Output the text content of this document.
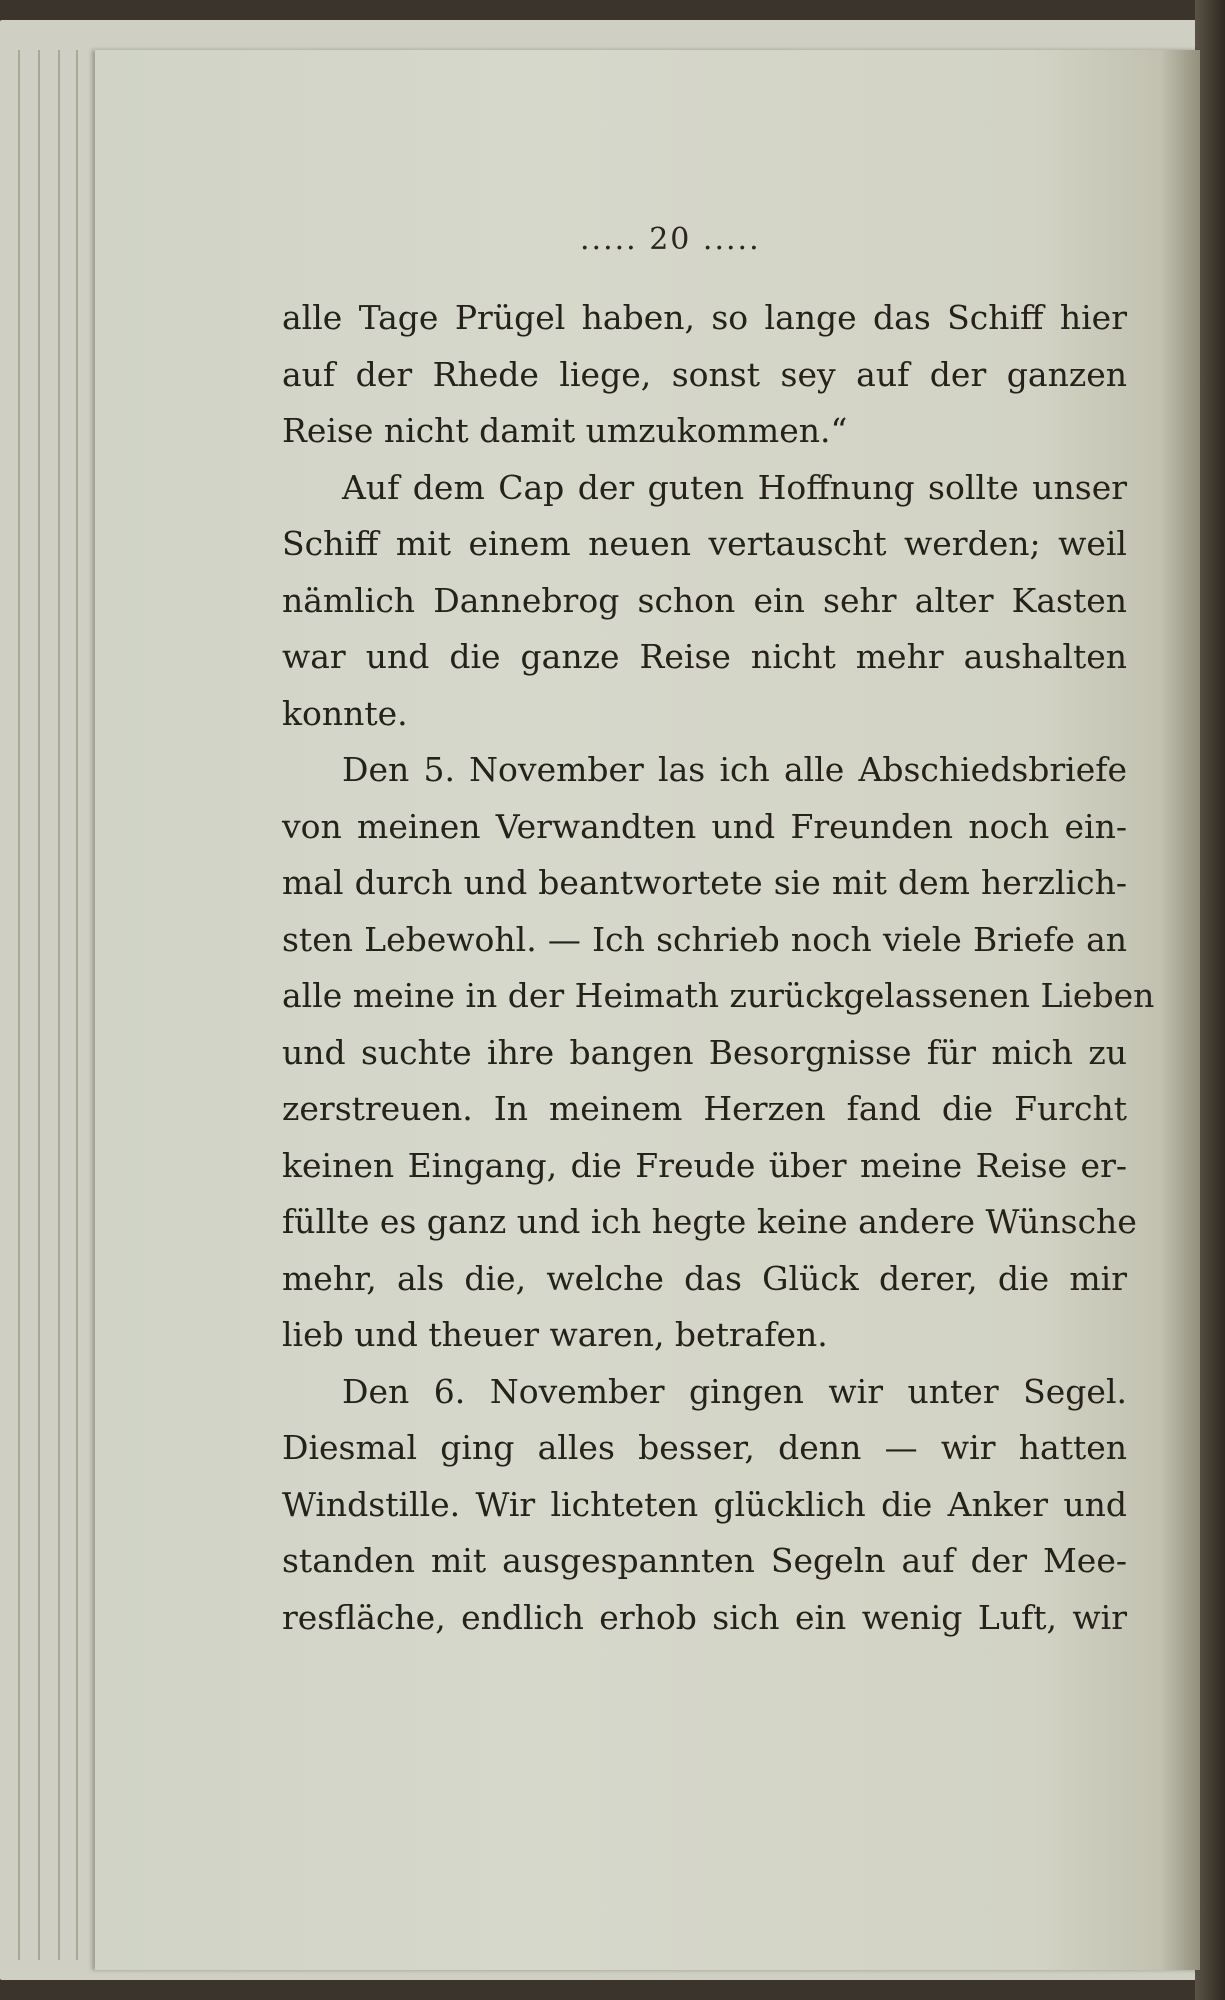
..... 20 .....
alle Tage Prügel haben, so lange das Schiff hier
auf der Rhede liege, sonst sey auf der ganzen
Reise nicht damit umzukommen.“
Auf dem Cap der guten Hoffnung sollte unser
Schiff mit einem neuen vertauscht werden; weil
nämlich Dannebrog schon ein sehr alter Kasten
war und die ganze Reise nicht mehr aushalten
konnte.
Den 5. November las ich alle Abschiedsbriefe
von meinen Verwandten und Freunden noch ein-
mal durch und beantwortete sie mit dem herzlich-
sten Lebewohl. — Ich schrieb noch viele Briefe an
alle meine in der Heimath zurückgelassenen Lieben
und suchte ihre bangen Besorgnisse für mich zu
zerstreuen. In meinem Herzen fand die Furcht
keinen Eingang, die Freude über meine Reise er-
füllte es ganz und ich hegte keine andere Wünsche
mehr, als die, welche das Glück derer, die mir
lieb und theuer waren, betrafen.
Den 6. November gingen wir unter Segel.
Diesmal ging alles besser, denn — wir hatten
Windstille. Wir lichteten glücklich die Anker und
standen mit ausgespannten Segeln auf der Mee-
resfläche, endlich erhob sich ein wenig Luft, wir
